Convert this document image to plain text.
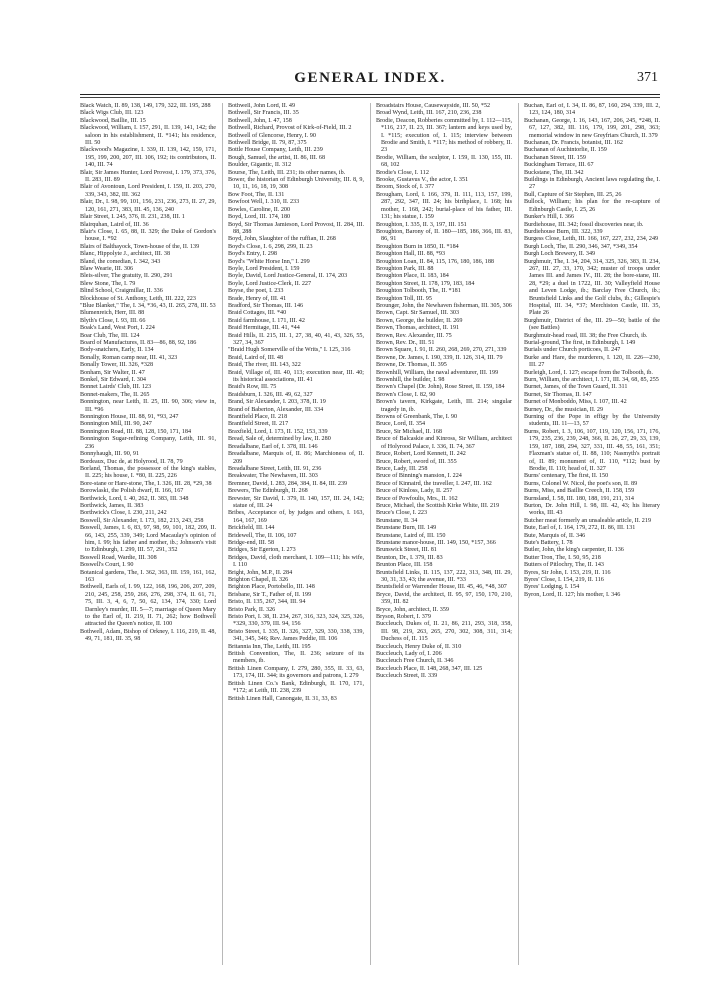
GENERAL INDEX.	371

Black Watch, II. 89, 138, 149, 179, 322, III. 195, 288

Black Wigs Club, III. 123

Blackwood, Baillie, III. 15

Blackwood, William, I. 157, 291, II. 139, 141, 142; the saloon in his establishment, II. *141; his residence, III. 50

Blackwood's Magazine, I. 339, II. 139, 142, 159, 171, 195, 199, 200, 207, III. 106, 192; its contributors, II. 140, III. 74

Blair, Sir James Hunter, Lord Provost, I. 179, 373, 376, II. 283, III. 89

Blair of Avontoun, Lord President, I. 159, II. 203, 270, 339, 343, 382, III. 362

Blair, Dr., I. 98, 99, 101, 156, 231, 236, 273, II. 27, 29, 120, 161, 271, 383, III. 45, 136, 240

Blair Street, I. 245, 376, II. 231, 238, III. 1

Blairquhan, Laird of, III. 36

Blair's Close, I. 65, 88, II. 329; the Duke of Gordon's house, I. *92

Blairs of Balthayock, Town-house of the, II. 139

Blanc, Hippolyte J., architect, III. 38

Bland, the comedian, I. 342, 343

Blaw Wearie, III. 306

Bleis-silver, The gratuity, II. 290, 291

Blew Stone, The, I. 79

Blind School, Craigmillar, II. 336

Blockhouse of St. Anthony, Leith, III. 222, 223

"Blue Blanket," The, I. 34, *36, 43, II. 265, 278, III. 53

Blumenreich, Herr, III. 88

Blyth's Close, I. 93, III. 66

Boak's Land, West Port, I. 224

Boar Club, The, III. 124

Board of Manufactures, II. 83—86, 88, 92, 186

Body-snatchers, Early, II. 134

Bonally, Roman camp near, III. 41, 323

Bonally Tower, III. 326, *328

Bonham, Sir Walter, II. 47

Bonkel, Sir Edward, I. 304

Bonnet Lairds' Club, III. 123

Bonnet-makers, The, II. 265

Bonnington, near Leith, II. 25, III. 90, 306; view in, III. *96

Bonnington House, III. 88, 91, *93, 247

Bonnington Mill, III. 90, 247

Bonnington Road, III. 88, 128, 150, 171, 184

Bonnington Sugar-refining Company, Leith, III. 91, 236

Bonnyhaugh, III. 90, 91

Bordeaux, Duc de, at Holyrood, II. 78, 79

Borland, Thomas, the possessor of the king's stables, II. 225; his house, I. *80, II. 225, 226

Bore-stane or Hare-stone, The, I. 326, III. 28, *29, 38

Borowlaski, the Polish dwarf, II. 166, 167

Borthwick, Lord, I. 40, 262, II. 383, III. 348

Borthwick, James, II. 383

Borthwick's Close, I. 230, 211, 242

Boswell, Sir Alexander, I. 173, 182, 213, 243, 258

Boswell, James, I. 6, 83, 97, 98, 99, 101, 182, 209, II. 66, 143, 255, 339, 349; Lord Macaulay's opinion of him, I. 99; his father and mother, ib.; Johnson's visit to Edinburgh, I. 299, III. 57, 291, 352

Boswell Road, Wardie, III. 308

Boswell's Court, I. 90

Botanical gardens, The, I. 362, 363, III. 159, 161, 162, 163

Bothwell, Earls of, I. 99, 122, 168, 196, 206, 207, 209, 210, 245, 258, 259, 266, 276, 298, 374, II. 61, 71, 75, III. 3, 4, 6, 7, 50, 62, 134, 174, 330; Lord Darnley's murder, III. 5—7; marriage of Queen Mary to the Earl of, II. 219, II. 71, 262; how Bothwell attracted the Queen's notice, II. 100

Bothwell, Adam, Bishop of Orkney, I. 116, 219, II. 48, 49, 71, 181, III. 35, 98

Bothwell, John Lord, II. 49

Bothwell, Sir Francis, III. 35

Bothwell, John, I. 47, 158

Bothwell, Richard, Provost of Kirk-of-Field, III. 2

Bothwell of Glencorse, Henry, I. 90

Bothwell Bridge, II. 79, 87, 375

Bottle House Company, Leith, III. 239

Bough, Samuel, the artist, II. 86, III. 68

Boulder, Gigantic, II. 312

Bourse, The, Leith, III. 231; its other names, ib.

Bower, the historian of Edinburgh University, III. 8, 9, 10, 11, 16, 18, 19, 308

Bow Foot, The, II. 131

Bowfoot Well, I. 310, II. 233

Bowles, Caroline, II. 200

Boyd, Lord, III. 174, 180

Boyd, Sir Thomas Jamieson, Lord Provost, II. 284, III. 88, 288

Boyd, John, Slaughter of the ruffian, II. 268

Boyd's Close, I. 6, 298, 299, II. 23

Boyd's Entry, I. 298

Boyd's "White Horse Inn," I. 299

Boyle, Lord President, I. 159

Boyle, David, Lord Justice-General, II. 174, 203

Boyle, Lord Justice-Clerk, II. 227

Boyse, the poet, I. 233

Brade, Henry of, III. 41

Bradford, Sir Thomas, III. 146

Braid Cottages, III. *40

Braid farmhouse, I. 171, III. 42

Braid Hermitage, III. 41, *44

Braid Hills, II. 215, III. 1, 27, 38, 40, 41, 43, 326, 55, 327, 34, 367

"Braid Hugh Somerville of the Writs," I. 125, 316

Braid, Laird of, III. 48

Braid, The river, III. 143, 322

Braid, Village of, III. 40, 113; execution near, III. 40; its historical associations, III. 41

Braid's Row, III. 75

Braidsburn, I. 326, III. 49, 62, 327

Brand, Sir Alexander, I. 203, 378, II. 19

Brand of Baberton, Alexander, III. 334

Brantfield Place, II. 218

Brantfield Street, II. 217

Braxfield, Lord, I. 173, II. 152, 153, 339

Bread, Sale of, determined by law, II. 280

Breadalbane, Earl of, I. 378, III. 146

Breadalbane, Marquis of, II. 86; Marchioness of, II. 209

Breadalbane Street, Leith, III. 91, 236

Breakwater, The Newhaven, III. 303

Bremner, David, I. 283, 284, 384, II. 84, III. 239

Brewers, The Edinburgh, II. 268

Brewster, Sir David, I. 379, II. 140, 157, III. 24, 142; statue of, III. 24

Bribes, Acceptance of, by judges and others, I. 163, 164, 167, 169

Brickfield, III. 144

Bridewell, The, II. 106, 107

Bridge-end, III. 58

Bridges, Sir Egerton, I. 273

Bridges, David, cloth merchant, I. 109—111; his wife, I. 110

Bright, John, M.P., II. 284

Brighton Chapel, II. 326

Brighton Place, Portobello, III. 148

Brisbane, Sir T., Father of, II. 199

Bristo, II. 135, 267, 344, III. 94

Bristo Park, II. 326

Bristo Port, I. 38, II. 234, 267, 316, 323, 324, 325, 326, *329, 330, 379, III. 94, 156

Bristo Street, I. 335, II. 326, 327, 329, 330, 338, 339, 341, 345, 346; Rev. James Peddie, III. 106

Britannia Inn, The, Leith, III. 195

British Convention, The, II. 236; seizure of its members, ib.

British Linen Company, I. 279, 280, 355, II. 33, 63, 173, 174, III. 344; its governors and patrons, I. 279

British Linen Co.'s Bank, Edinburgh, II. 170, 171, *172; at Leith, III. 238, 239

British Linen Hall, Canongate, II. 31, 33, 83

Broadstairs House, Causewayside, III. 50, *52

Broad Wynd, Leith, III. 167, 210, 236, 238

Brodie, Deacon, Robberies committed by, I. 112—115, *116, 217, II. 23, III. 367; lantern and keys used by, I. *115; execution of, I. 115; interview between Brodie and Smith, I. *117; his method of robbery, II. 23

Brodie, William, the sculptor, I. 159, II. 130, 155, III. 68, 102

Brodie's Close, I. 112

Brooke, Gustavus V., the actor, I. 351

Broom, Stock of, I. 377

Brougham, Lord, I. 166, 379, II. 111, 113, 157, 199, 287, 292, 347, III. 24; his birthplace, I. 168; his mother, I. 168, 242; burial-place of his father, III. 131; his statue, I. 159

Broughton, I. 335, II. 3, 197, III. 151

Broughton, Barony of, II. 180—185, 186, 366, III. 83, 86, 91

Broughton Burn in 1850, II. *184

Broughton Hall, III. 88, *93

Broughton Loan, II. 84, 115, 176, 180, 186, 188

Broughton Park, III. 88

Broughton Place, II. 183, 184

Broughton Street, II. 178, 179, 183, 184

Broughton Tolbooth, The, II. *181

Broughton Toll, III. 95

Brounger, John, the Newhaven fisherman, III. 305, 306

Brown, Capt. Sir Samuel, III. 303

Brown, George, the builder, II. 269

Brown, Thomas, architect, II. 191

Brown, Rev. Alexander, III. 75

Brown, Rev. Dr., III. 51

Brown Square, I. 91, II. 260, 268, 269, 270, 271, 339

Browne, Dr. James, I. 190, 339, II. 126, 314, III. 79

Browne, Dr. Thomas, II. 395

Brownhill, William, the naval adventurer, III. 199

Brownhill, the builder, I. 98

Brown's Chapel (Dr. John), Rose Street, II. 159, 184

Brown's Close, I. 82, 90

Brown's tavern, Kirkgate, Leith, III. 214; singular tragedy in, ib.

Browns of Greenbank, The, I. 90

Bruce, Lord, II. 354

Bruce, Sir Michael, II. 168

Bruce of Balcaskie and Kinross, Sir William, architect of Holyrood Palace, I. 336, II. 74, 367

Bruce, Robert, Lord Kennett, II. 242

Bruce, Robert, sword of, III. 355

Bruce, Lady, III. 258

Bruce of Binning's mansion, I. 224

Bruce of Kinnaird, the traveller, I. 247, III. 162

Bruce of Kinloss, Lady, II. 257

Bruce of Powfoulis, Mrs., II. 162

Bruce, Michael, the Scottish Kirke White, III. 219

Bruce's Close, I. 223

Brunstane, II. 34

Brunstane Burn, III. 149

Brunstane, Laird of, III. 150

Brunstane manor-house, III. 149, 150, *157, 366

Brunswick Street, III. 81

Brunton, Dr., I. 379, III. 83

Brunton Place, III. 158

Bruntsfield Links, II. 115, 137, 222, 313, 348, III. 29, 30, 31, 33, 43; the avenue, III. *33

Bruntsfield or Warrender House, III. 45, 46, *48, 307

Bryce, David, the architect, II. 95, 97, 150, 170, 210, 359, III. 82

Bryce, John, architect, II. 359

Bryson, Robert, I. 379

Buccleuch, Dukes of, II. 21, 86, 211, 293, 318, 358, III. 98, 219, 263, 265, 270, 302, 308, 311, 314; Duchess of, II. 115

Buccleuch, Henry Duke of, II. 310

Buccleuch, Lady of, I. 206

Buccleuch Free Church, II. 346

Buccleuch Place, II. 148, 268, 347, III. 125

Buccleuch Street, II. 339

Buchan, Earl of, I. 34, II. 86, 87, 160, 294, 339, III. 2, 123, 124, 180, 314

Buchanan, George, I. 16, 143, 167, 206, 245, *248, II. 67, 127, 382, III. 116, 179, 199, 201, 298, 363; memorial window in new Greyfriars Church, II. 379

Buchanan, Dr. Francis, botanist, III. 162

Buchanan of Auchintorlie, II. 159

Buchanan Street, III. 159

Buckingham Terrace, III. 67

Buckstane, The, III. 342

Buildings in Edinburgh, Ancient laws regulating the, I. 27

Bull, Capture of Sir Stephen, III. 25, 26

Bullock, William; his plan for the re-capture of Edinburgh Castle, I. 25, 26

Bunker's Hill, I. 366

Burdiehouse, III. 342; fossil discoveries near, ib.

Burdiehouse Burn, III. 322, 339

Burgess Close, Leith, III. 166, 167, 227, 232, 234, 249

Burgh Loch, The, II. 290, 346, 347, *349, 354

Burgh Loch Brewery, II. 349

Burghmuir, The, I. 34, 204, 314, 325, 326, 383, II. 234, 267, III. 27, 33, 170, 342; muster of troops under James III. and James IV., III. 28; the bore-stane, III. 28, *29; a duel in 1722, III. 30; Valleyfield House and Leven Lodge, ib.; Barclay Free Church, ib.; Bruntsfield Links and the Golf clubs, ib.; Gillespie's Hospital, III. 34, *37; Merchiston Castle, III. 35, Plate 26

Burghmuir, District of the, III. 29—50; battle of the (see Battles)

Burghmuir-head road, III. 38; the Free Church, ib.

Burial-ground, The first, in Edinburgh, I. 149

Burials under Church porticoes, II. 247

Burke and Hare, the murderers, I. 120, II. 226—230, III. 27

Burleigh, Lord, I. 127; escape from the Tolbooth, ib.

Burn, William, the architect, I. 171, III. 34, 68, 85, 255

Burnet, James, of the Town Guard, II. 311

Burnet, Sir Thomas, II. 147

Burnet of Monboddo, Miss, I. 107, III. 42

Burney, Dr., the musician, II. 29

Burning of the Pope in effigy by the University students, III. 11—13, 57

Burns, Robert, I. 3, 106, 107, 119, 120, 156, 171, 176, 179, 235, 236, 239, 248, 366, II. 26, 27, 29, 33, 139, 159, 187, 188, 294, 327, 331, III. 48, 55, 161, 351; Flaxman's statue of, II. 88, 110; Nasmyth's portrait of, II. 89; monument of, II. 110, *112; bust by Brodie, II. 110; head of, II. 327

Burns' centenary, The first, II. 150

Burns, Colonel W. Nicol, the poet's son, II. 89

Burns, Miss, and Baillie Creech, II. 158, 159

Burnsland, I. 58, III. 180, 188, 191, 211, 314

Burton, Dr. John Hill, I. 98, III. 42, 43; his literary works, III. 43

Butcher meat formerly an unsaleable article, II. 219

Bute, Earl of, I. 164, 179, 272, II. 86, III. 131

Bute, Marquis of, II. 346

Bute's Battery, I. 78

Butler, John, the king's carpenter, II. 136

Butter Tron, The, I. 50, 95, 218

Butters of Pitlochry, The, II. 143

Byres, Sir John, I. 153, 219, II. 116

Byres' Close, I. 154, 219, II. 116

Byres' Lodging, I. 154

Byron, Lord, II. 127; his mother, I. 346
